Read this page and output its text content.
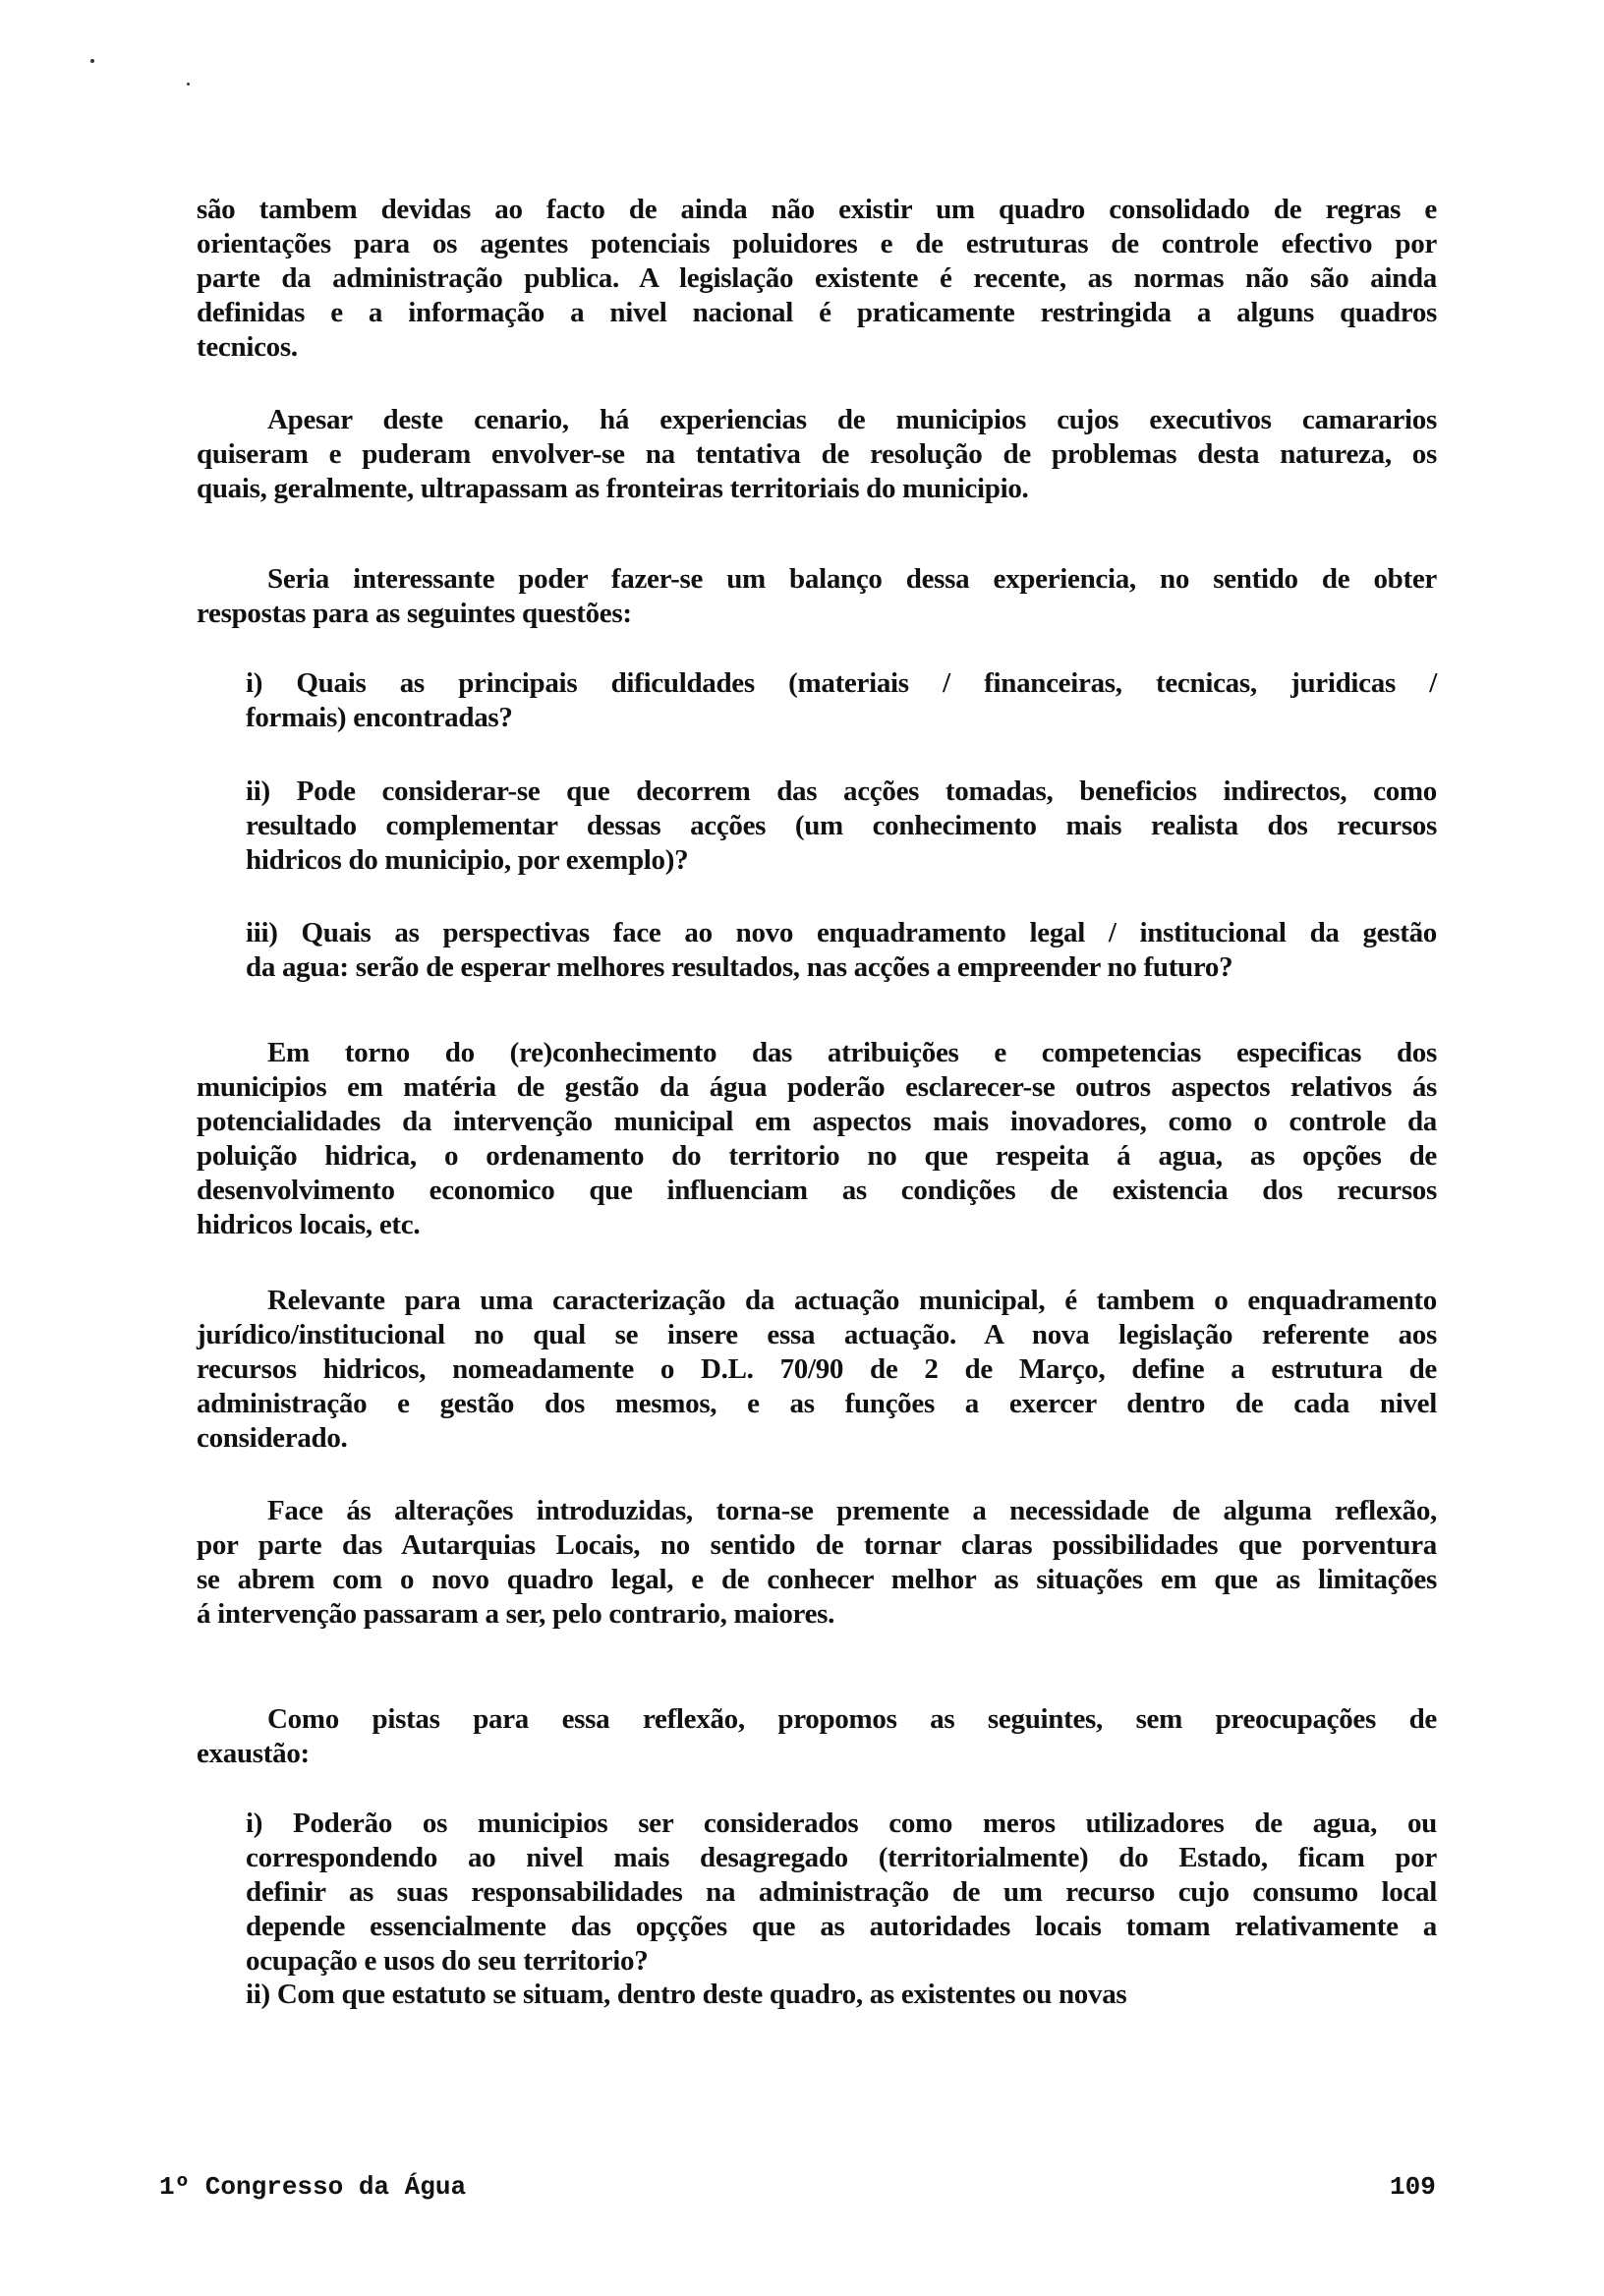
são tambem devidas ao facto de ainda não existir um quadro consolidado de regras e
orientações para os agentes potenciais poluidores e de estruturas de controle efectivo por
parte da administração publica. A legislação existente é recente, as normas não são ainda
definidas e a informação a nivel nacional é praticamente restringida a alguns quadros
tecnicos.
Apesar deste cenario, há experiencias de municipios cujos executivos camararios
quiseram e puderam envolver-se na tentativa de resolução de problemas desta natureza, os
quais, geralmente, ultrapassam as fronteiras territoriais do municipio.
Seria interessante poder fazer-se um balanço dessa experiencia, no sentido de obter
respostas para as seguintes questões:
i) Quais as principais dificuldades (materiais / financeiras, tecnicas, juridicas /
formais) encontradas?
ii) Pode considerar-se que decorrem das acções tomadas, beneficios indirectos, como
resultado complementar dessas acções (um conhecimento mais realista dos recursos
hidricos do municipio, por exemplo)?
iii) Quais as perspectivas face ao novo enquadramento legal / institucional da gestão
da agua: serão de esperar melhores resultados, nas acções a empreender no futuro?
Em torno do (re)conhecimento das atribuições e competencias especificas dos
municipios em matéria de gestão da água poderão esclarecer-se outros aspectos relativos ás
potencialidades da intervenção municipal em aspectos mais inovadores, como o controle da
poluição hidrica, o ordenamento do territorio no que respeita á agua, as opções de
desenvolvimento economico que influenciam as condições de existencia dos recursos
hidricos locais, etc.
Relevante para uma caracterização da actuação municipal, é tambem o enquadramento
jurídico/institucional no qual se insere essa actuação. A nova legislação referente aos
recursos hidricos, nomeadamente o D.L. 70/90 de 2 de Março, define a estrutura de
administração e gestão dos mesmos, e as funções a exercer dentro de cada nivel
considerado.
Face ás alterações introduzidas, torna-se premente a necessidade de alguma reflexão,
por parte das Autarquias Locais, no sentido de tornar claras possibilidades que porventura
se abrem com o novo quadro legal, e de conhecer melhor as situações em que as limitações
á intervenção passaram a ser, pelo contrario, maiores.
Como pistas para essa reflexão, propomos as seguintes, sem preocupações de
exaustão:
i) Poderão os municipios ser considerados como meros utilizadores de agua, ou
correspondendo ao nivel mais desagregado (territorialmente) do Estado, ficam por
definir as suas responsabilidades na administração de um recurso cujo consumo local
depende essencialmente das opçções que as autoridades locais tomam relativamente a
ocupação e usos do seu territorio?
ii) Com que estatuto se situam, dentro deste quadro, as existentes ou novas
1º Congresso da Água	109
